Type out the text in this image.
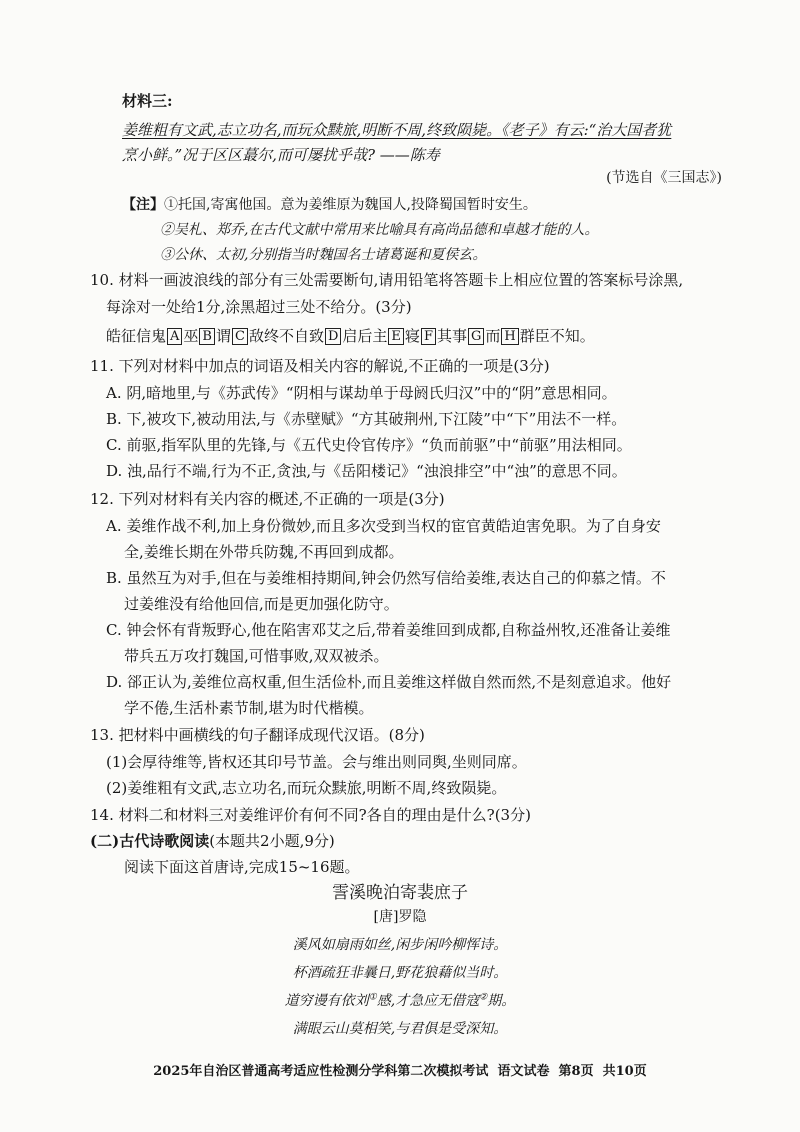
材料三:
姜维粗有文武,志立功名,而玩众黩旅,明断不周,终致陨毙。《老子》有云:“治大国者犹
烹小鲜。”况于区区蕞尔,而可屡扰乎哉? ——陈寿
(节选自《三国志》)
【注】①托国,寄寓他国。意为姜维原为魏国人,投降蜀国暂时安生。
②吴札、郑乔,在古代文献中常用来比喻具有高尚品德和卓越才能的人。
③公休、太初,分别指当时魏国名士诸葛诞和夏侯玄。
10. 材料一画波浪线的部分有三处需要断句,请用铅笔将答题卡上相应位置的答案标号涂黑,
每涂对一处给1分,涂黑超过三处不给分。(3分)
皓征信鬼 A 巫 B 谓 C 敌终不自致 D 启后主 E 寝 F 其事 G 而 H 群臣不知。
11. 下列对材料中加点的词语及相关内容的解说,不正确的一项是(3分)
A. 阴,暗地里,与《苏武传》“阴相与谋劫单于母阏氏归汉”中的“阴”意思相同。
B. 下,被攻下,被动用法,与《赤壁赋》“方其破荆州,下江陵”中“下”用法不一样。
C. 前驱,指军队里的先锋,与《五代史伶官传序》“负而前驱”中“前驱”用法相同。
D. 浊,品行不端,行为不正,贪浊,与《岳阳楼记》“浊浪排空”中“浊”的意思不同。
12. 下列对材料有关内容的概述,不正确的一项是(3分)
A. 姜维作战不利,加上身份微妙,而且多次受到当权的宦官黄皓迫害免职。为了自身安
全,姜维长期在外带兵防魏,不再回到成都。
B. 虽然互为对手,但在与姜维相持期间,钟会仍然写信给姜维,表达自己的仰慕之情。不
过姜维没有给他回信,而是更加强化防守。
C. 钟会怀有背叛野心,他在陷害邓艾之后,带着姜维回到成都,自称益州牧,还准备让姜维
带兵五万攻打魏国,可惜事败,双双被杀。
D. 郤正认为,姜维位高权重,但生活俭朴,而且姜维这样做自然而然,不是刻意追求。他好
学不倦,生活朴素节制,堪为时代楷模。
13. 把材料中画横线的句子翻译成现代汉语。(8分)
(1)会厚待维等,皆权还其印号节盖。会与维出则同舆,坐则同席。
(2)姜维粗有文武,志立功名,而玩众黩旅,明断不周,终致陨毙。
14. 材料二和材料三对姜维评价有何不同?各自的理由是什么?(3分)
(二)古代诗歌阅读(本题共2小题,9分)
阅读下面这首唐诗,完成15~16题。
霅溪晚泊寄裴庶子
[唐]罗隐
溪风如扇雨如丝,闲步闲吟柳恽诗。
杯酒疏狂非曩日,野花狼藉似当时。
道穷谩有依刘①感,才急应无借寇②期。
满眼云山莫相笑,与君俱是受深知。
2025年自治区普通高考适应性检测分学科第二次模拟考试  语文试卷  第8页  共10页
